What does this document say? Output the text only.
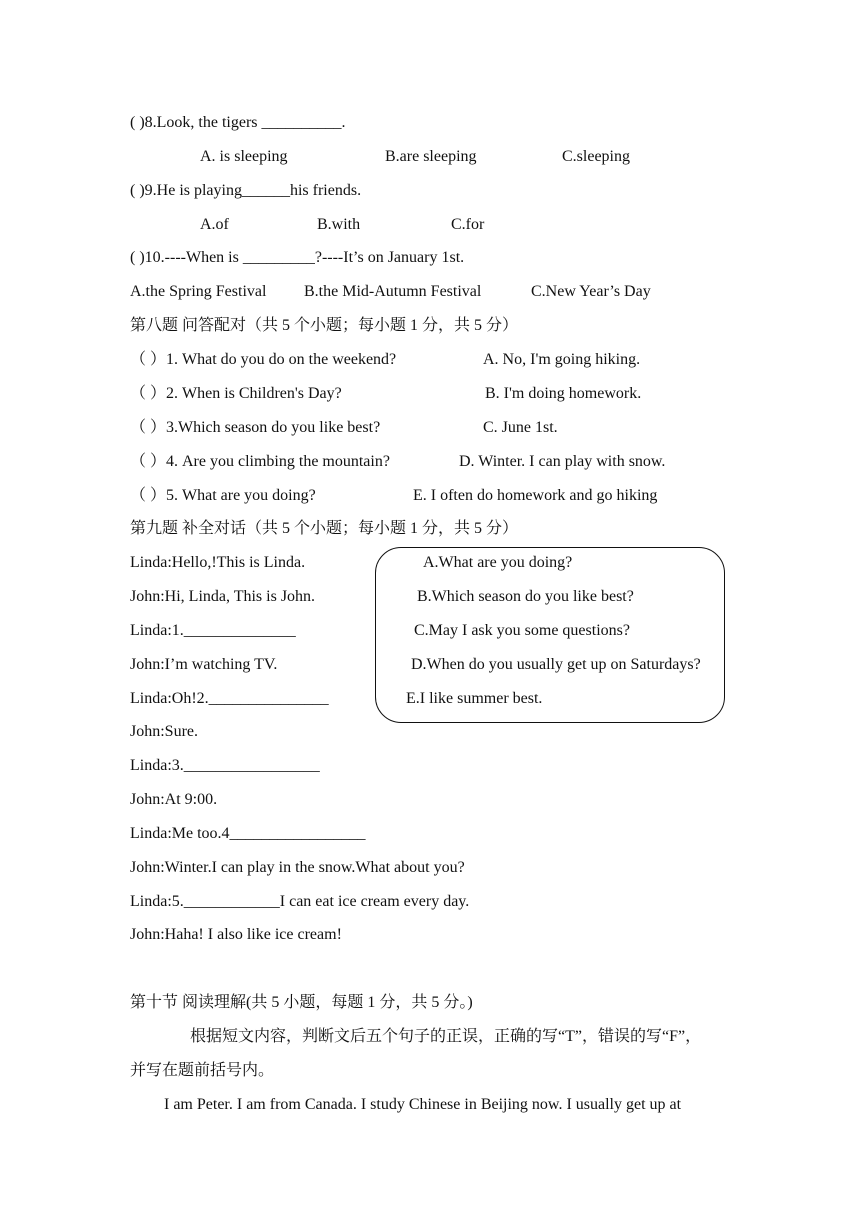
( )8.Look, the tigers __________.
A. is sleeping	B.are sleeping	C.sleeping
( )9.He is playing______his friends.
A.of	B.with	C.for
( )10.----When is _________?----It’s on January 1st.
A.the Spring Festival B.the Mid-Autumn Festival	C.New Year’s Day
第八题 问答配对（共 5 个小题；每小题 1 分，共 5 分）
（ ）1. What do you do on the weekend?	A. No, I'm going hiking.
（ ）2. When is Children's Day?	B. I'm doing homework.
（ ）3.Which season do you like best?	C. June 1st.
（ ）4. Are you climbing the mountain?	D. Winter. I can play with snow.
（ ）5. What are you doing?	E. I often do homework and go hiking
第九题 补全对话（共 5 个小题；每小题 1 分，共 5 分）
A.What are you doing?
B.Which season do you like best?
C.May I ask you some questions?
D.When do you usually get up on Saturdays?
E.I like summer best.
Linda:Hello,!This is Linda.
John:Hi, Linda, This is John.
Linda:1.______________
John:I’m watching TV.
Linda:Oh!2._______________
John:Sure.
Linda:3._________________
John:At 9:00.
Linda:Me too.4_________________
John:Winter.I can play in the snow.What about you?
Linda:5.____________I can eat ice cream every day.
John:Haha! I also like ice cream!
第十节 阅读理解(共 5 小题，每题 1 分，共 5 分。)
根据短文内容，判断文后五个句子的正误，正确的写“T”，错误的写“F”，
并写在题前括号内。
I am Peter. I am from Canada. I study Chinese in Beijing now. I usually get up at
